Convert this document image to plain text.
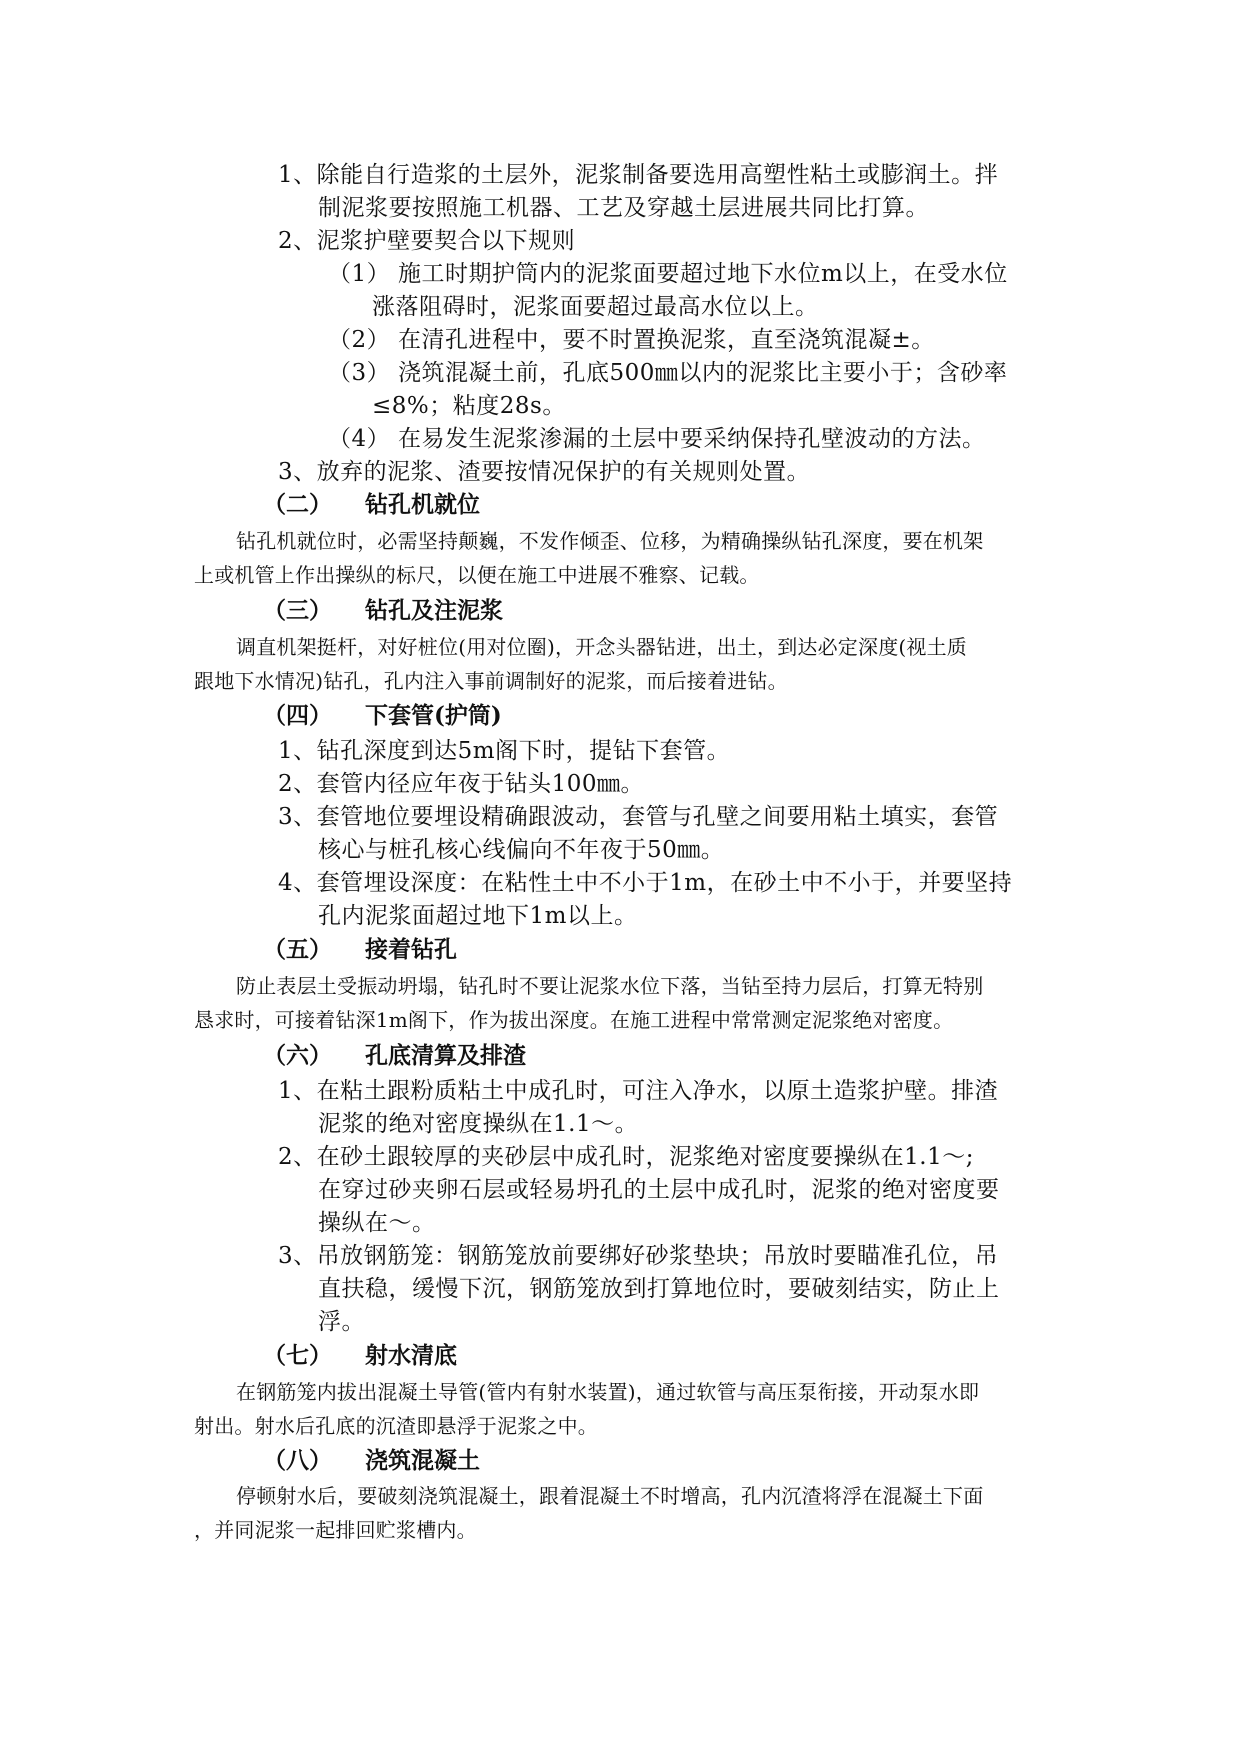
1、除能自行造浆的土层外，泥浆制备要选用高塑性粘土或膨润土。拌
制泥浆要按照施工机器、工艺及穿越土层进展共同比打算。
2、泥浆护壁要契合以下规则
（1） 施工时期护筒内的泥浆面要超过地下水位m以上，在受水位
涨落阻碍时，泥浆面要超过最高水位以上。
（2） 在清孔进程中，要不时置换泥浆，直至浇筑混凝±。
（3） 浇筑混凝土前，孔底500㎜以内的泥浆比主要小于；含砂率
≤8%；粘度28s。
（4） 在易发生泥浆渗漏的土层中要采纳保持孔壁波动的方法。
3、放弃的泥浆、渣要按情况保护的有关规则处置。
（二） 钻孔机就位
钻孔机就位时，必需坚持颠巍，不发作倾歪、位移，为精确操纵钻孔深度，要在机架
上或机管上作出操纵的标尺，以便在施工中进展不雅察、记载。
（三） 钻孔及注泥浆
调直机架挺杆，对好桩位(用对位圈)，开念头器钻进，出土，到达必定深度(视土质
跟地下水情况)钻孔，孔内注入事前调制好的泥浆，而后接着进钻。
（四） 下套管(护筒)
1、钻孔深度到达5m阁下时，提钻下套管。
2、套管内径应年夜于钻头100㎜。
3、套管地位要埋设精确跟波动，套管与孔壁之间要用粘土填实，套管
核心与桩孔核心线偏向不年夜于50㎜。
4、套管埋设深度：在粘性土中不小于1m，在砂土中不小于，并要坚持
孔内泥浆面超过地下1m以上。
（五） 接着钻孔
防止表层土受振动坍塌，钻孔时不要让泥浆水位下落，当钻至持力层后，打算无特别
恳求时，可接着钻深1m阁下，作为拔出深度。在施工进程中常常测定泥浆绝对密度。
（六） 孔底清算及排渣
1、在粘土跟粉质粘土中成孔时，可注入净水，以原土造浆护壁。排渣
泥浆的绝对密度操纵在1.1～。
2、在砂土跟较厚的夹砂层中成孔时，泥浆绝对密度要操纵在1.1～;
在穿过砂夹卵石层或轻易坍孔的土层中成孔时，泥浆的绝对密度要
操纵在～。
3、吊放钢筋笼：钢筋笼放前要绑好砂浆垫块；吊放时要瞄准孔位，吊
直扶稳，缓慢下沉，钢筋笼放到打算地位时，要破刻结实，防止上
浮。
（七） 射水清底
在钢筋笼内拔出混凝土导管(管内有射水装置)，通过软管与高压泵衔接，开动泵水即
射出。射水后孔底的沉渣即悬浮于泥浆之中。
（八） 浇筑混凝土
停顿射水后，要破刻浇筑混凝土，跟着混凝土不时增高，孔内沉渣将浮在混凝土下面
，并同泥浆一起排回贮浆槽内。
